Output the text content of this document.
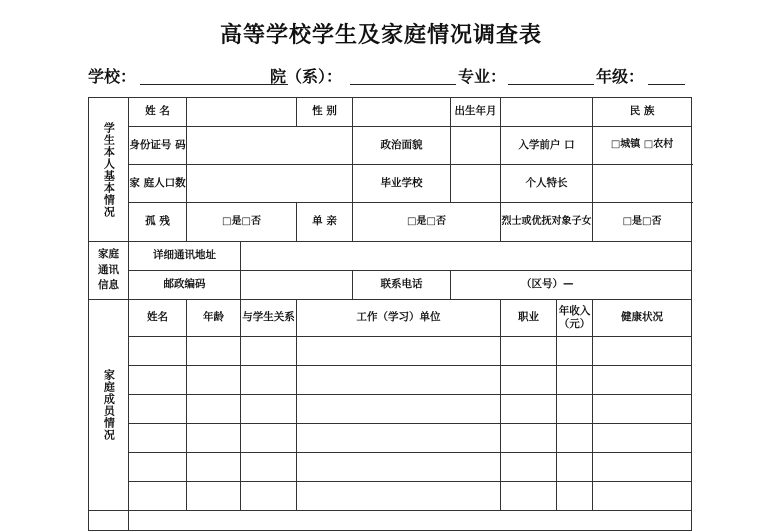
高等学校学生及家庭情况调查表
学校：	院（系）：	专业：	年级：
学生本人基本情况	姓 名			性 别		出生年月			民 族
	身份证号 码				政治面貌		入学前户 口		□城镇 □农村
	家 庭人口数				毕业学校		个人特长		
	孤 残	□是□否		单 亲	□是□否		烈士或优抚对象子女		□是□否

家庭通讯信息	详细通讯地址								
	邮政编码				联系电话	（区号）—			

家庭成员情况	姓名	年龄	与学生关系	工作（学习）单位			职业	年收入（元）	健康状况
